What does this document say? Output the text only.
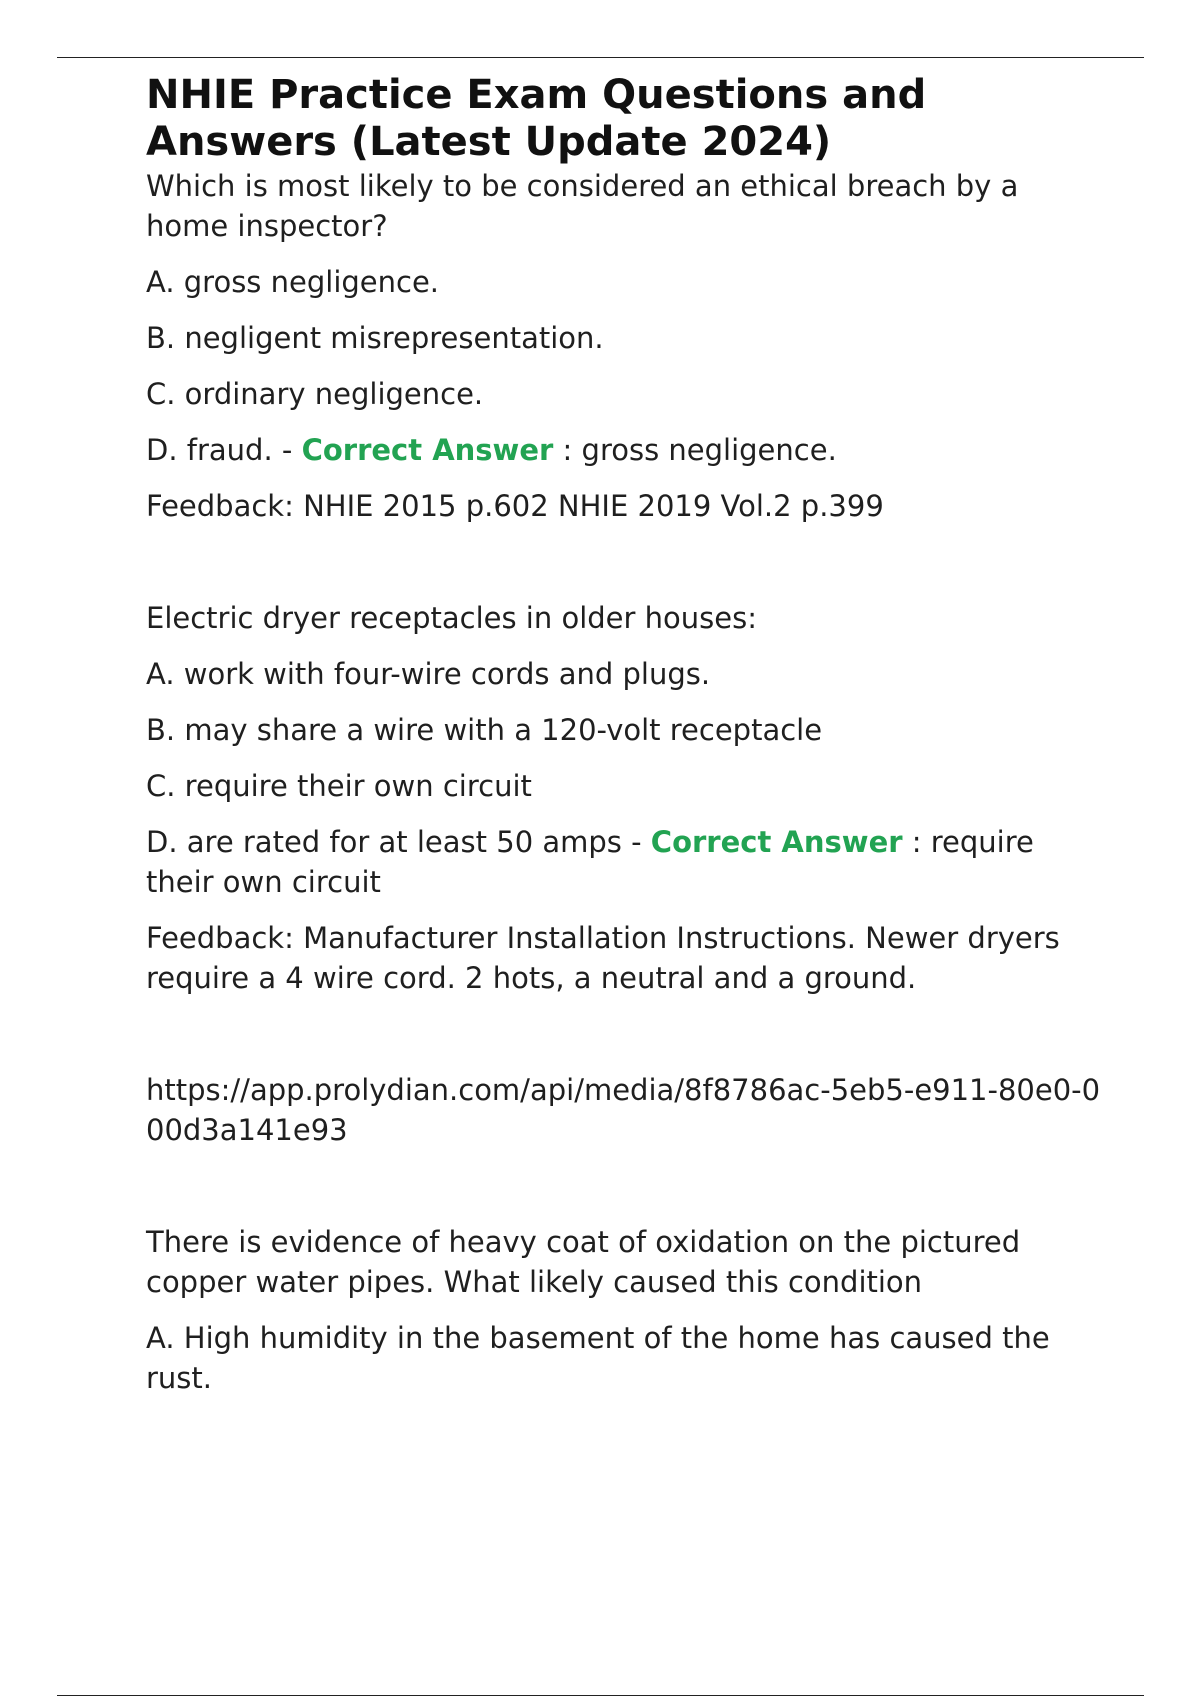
NHIE Practice Exam Questions and Answers (Latest Update 2024)

Which is most likely to be considered an ethical breach by a home inspector?

A. gross negligence.

B. negligent misrepresentation.

C. ordinary negligence.

D. fraud. - Correct Answer : gross negligence.

Feedback: NHIE 2015 p.602 NHIE 2019 Vol.2 p.399

Electric dryer receptacles in older houses:

A. work with four-wire cords and plugs.

B. may share a wire with a 120-volt receptacle

C. require their own circuit

D. are rated for at least 50 amps - Correct Answer : require their own circuit

Feedback: Manufacturer Installation Instructions. Newer dryers require a 4 wire cord. 2 hots, a neutral and a ground.

https://app.prolydian.com/api/media/8f8786ac-5eb5-e911-80e0-000d3a141e93

There is evidence of heavy coat of oxidation on the pictured copper water pipes. What likely caused this condition

A. High humidity in the basement of the home has caused the rust.
